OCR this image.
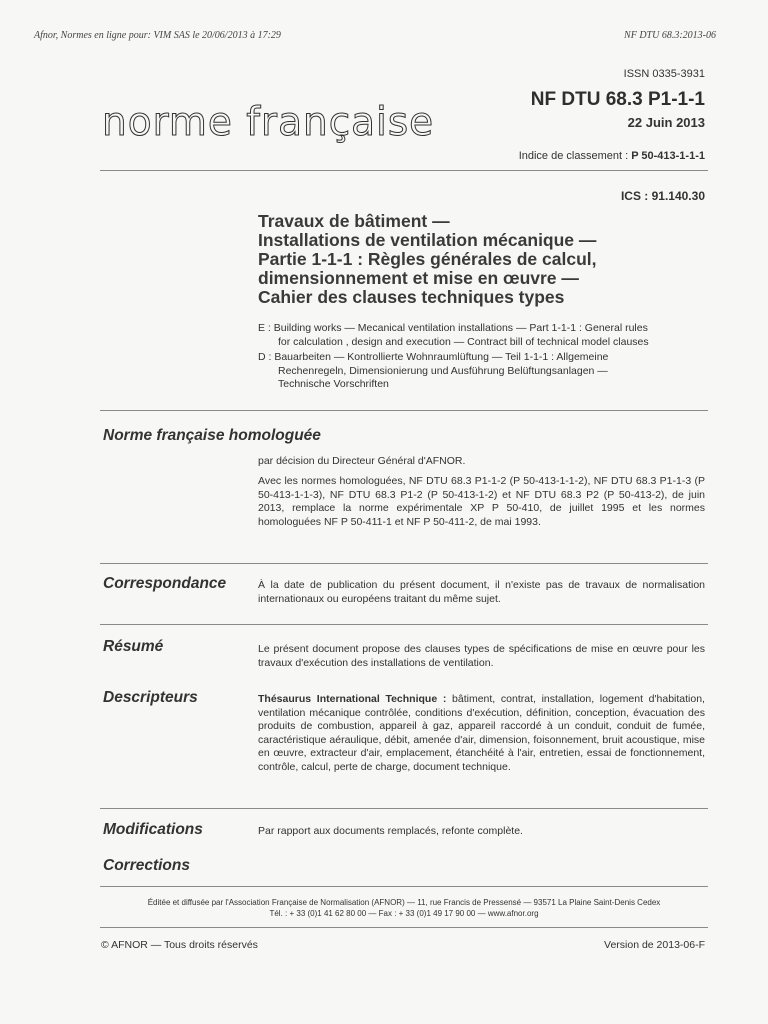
Afnor, Normes en ligne pour: VIM SAS le 20/06/2013 à 17:29	NF DTU 68.3:2013-06
ISSN 0335-3931
norme française
NF DTU 68.3 P1-1-1
22 Juin 2013
Indice de classement : P 50-413-1-1-1
ICS : 91.140.30
Travaux de bâtiment —
Installations de ventilation mécanique —
Partie 1-1-1 : Règles générales de calcul,
dimensionnement et mise en œuvre —
Cahier des clauses techniques types
E : Building works — Mecanical ventilation installations — Part 1-1-1 : General rules
for calculation , design and execution — Contract bill of technical model clauses
D : Bauarbeiten — Kontrollierte Wohnraumlüftung — Teil 1-1-1 : Allgemeine
Rechenregeln, Dimensionierung und Ausführung Belüftungsanlagen —
Technische Vorschriften
Norme française homologuée
par décision du Directeur Général d'AFNOR.
Avec les normes homologuées, NF DTU 68.3 P1-1-2 (P 50-413-1-1-2), NF DTU 68.3 P1-1-3 (P 50-413-1-1-3), NF DTU 68.3 P1-2 (P 50-413-1-2) et NF DTU 68.3 P2 (P 50-413-2), de juin 2013, remplace la norme expérimentale XP P 50-410, de juillet 1995 et les normes homologuées NF P 50-411-1 et NF P 50-411-2, de mai 1993.
Correspondance	À la date de publication du présent document, il n'existe pas de travaux de normalisation internationaux ou européens traitant du même sujet.
Résumé	Le présent document propose des clauses types de spécifications de mise en œuvre pour les travaux d'exécution des installations de ventilation.
Descripteurs	Thésaurus International Technique : bâtiment, contrat, installation, logement d'habitation, ventilation mécanique contrôlée, conditions d'exécution, définition, conception, évacuation des produits de combustion, appareil à gaz, appareil raccordé à un conduit, conduit de fumée, caractéristique aéraulique, débit, amenée d'air, dimension, foisonnement, bruit acoustique, mise en œuvre, extracteur d'air, emplacement, étanchéité à l'air, entretien, essai de fonctionnement, contrôle, calcul, perte de charge, document technique.
Modifications	Par rapport aux documents remplacés, refonte complète.
Corrections
Éditée et diffusée par l'Association Française de Normalisation (AFNOR) — 11, rue Francis de Pressensé — 93571 La Plaine Saint-Denis Cedex
Tél. : + 33 (0)1 41 62 80 00 — Fax : + 33 (0)1 49 17 90 00 — www.afnor.org
© AFNOR — Tous droits réservés	Version de 2013-06-F
